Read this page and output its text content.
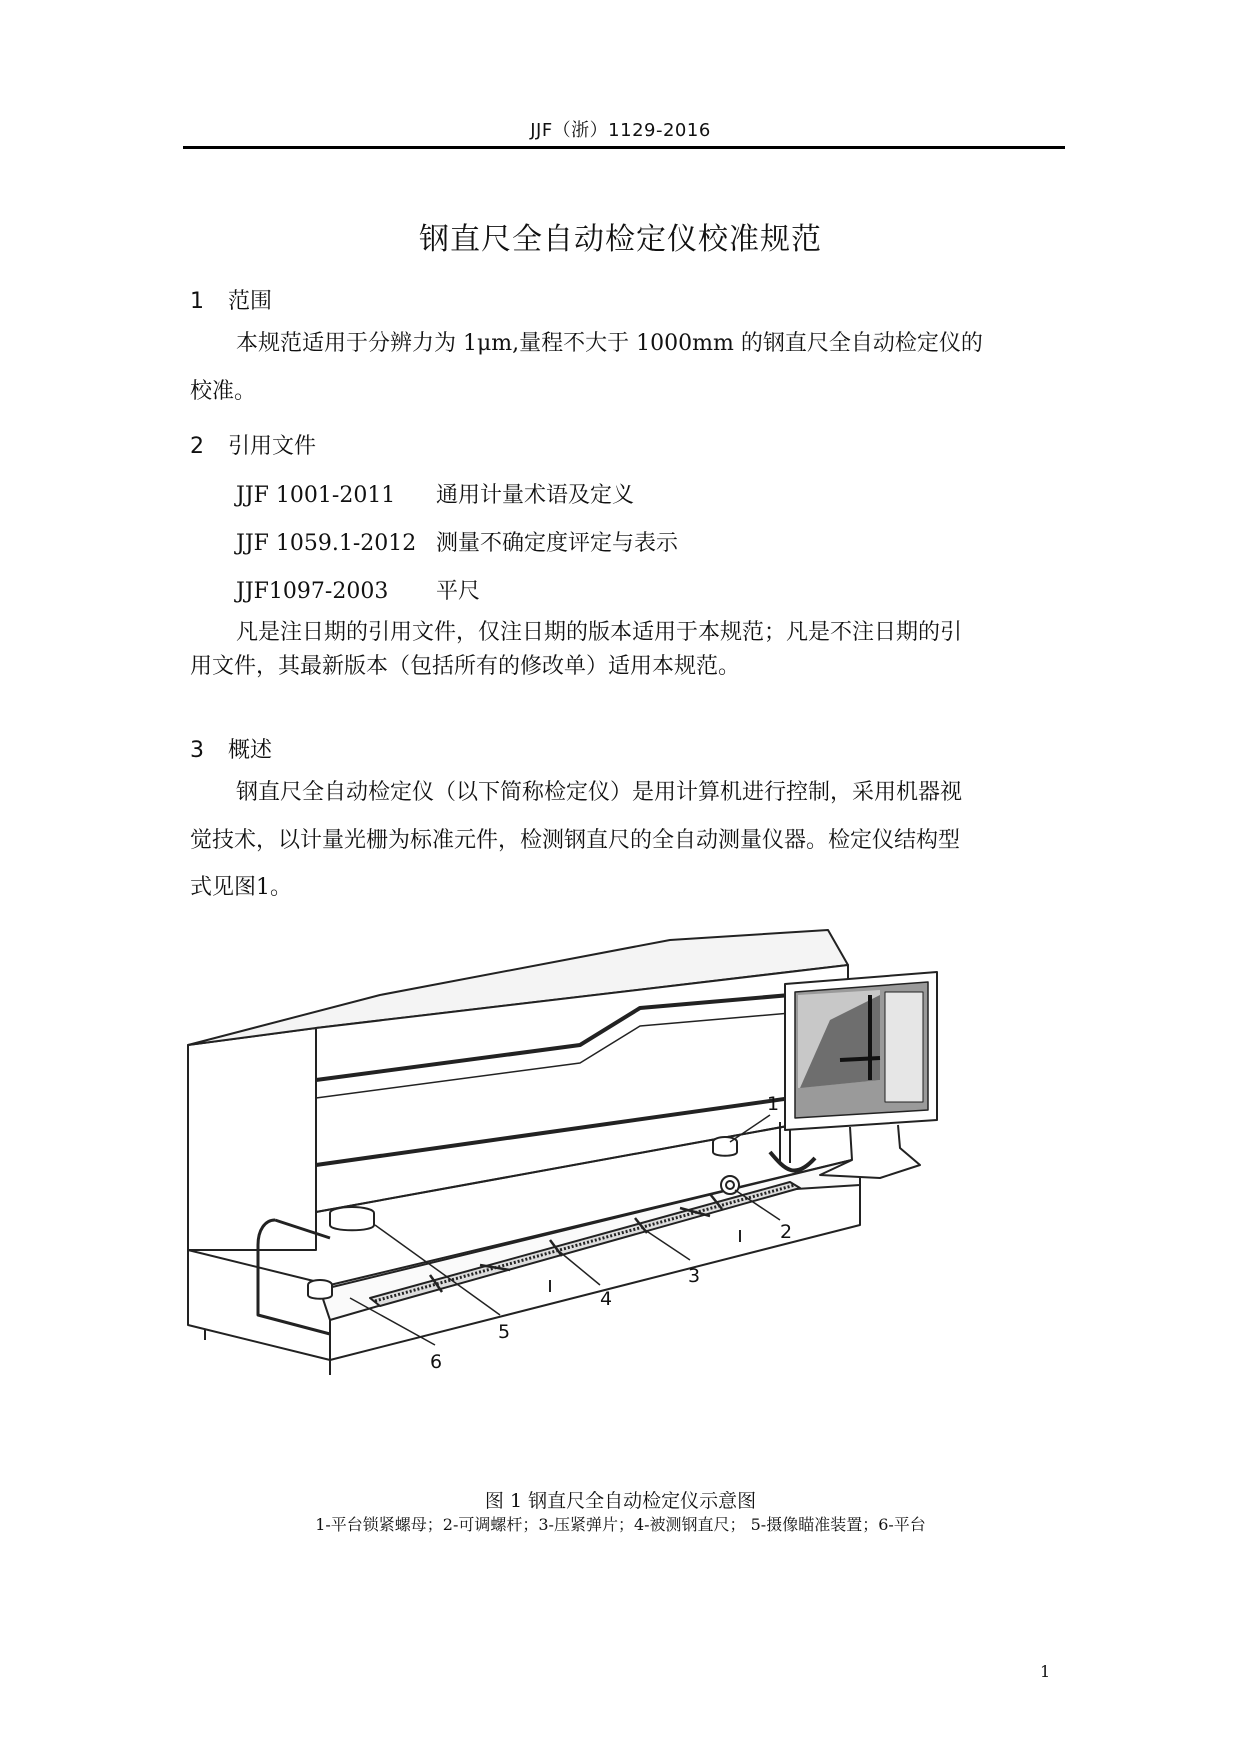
JJF（浙）1129-2016
钢直尺全自动检定仪校准规范
1 范围
本规范适用于分辨力为 1μm,量程不大于 1000mm 的钢直尺全自动检定仪的
校准。
2 引用文件
JJF 1001-2011 通用计量术语及定义
JJF 1059.1-2012 测量不确定度评定与表示
JJF1097-2003 平尺
凡是注日期的引用文件，仅注日期的版本适用于本规范；凡是不注日期的引
用文件，其最新版本（包括所有的修改单）适用本规范。
3 概述
钢直尺全自动检定仪（以下简称检定仪）是用计算机进行控制，采用机器视
觉技术，以计量光栅为标准元件，检测钢直尺的全自动测量仪器。检定仪结构型
式见图1。
1
2
3
4
5
6
图 1 钢直尺全自动检定仪示意图
1-平台锁紧螺母；2-可调螺杆；3-压紧弹片；4-被测钢直尺； 5-摄像瞄准装置；6-平台
1
